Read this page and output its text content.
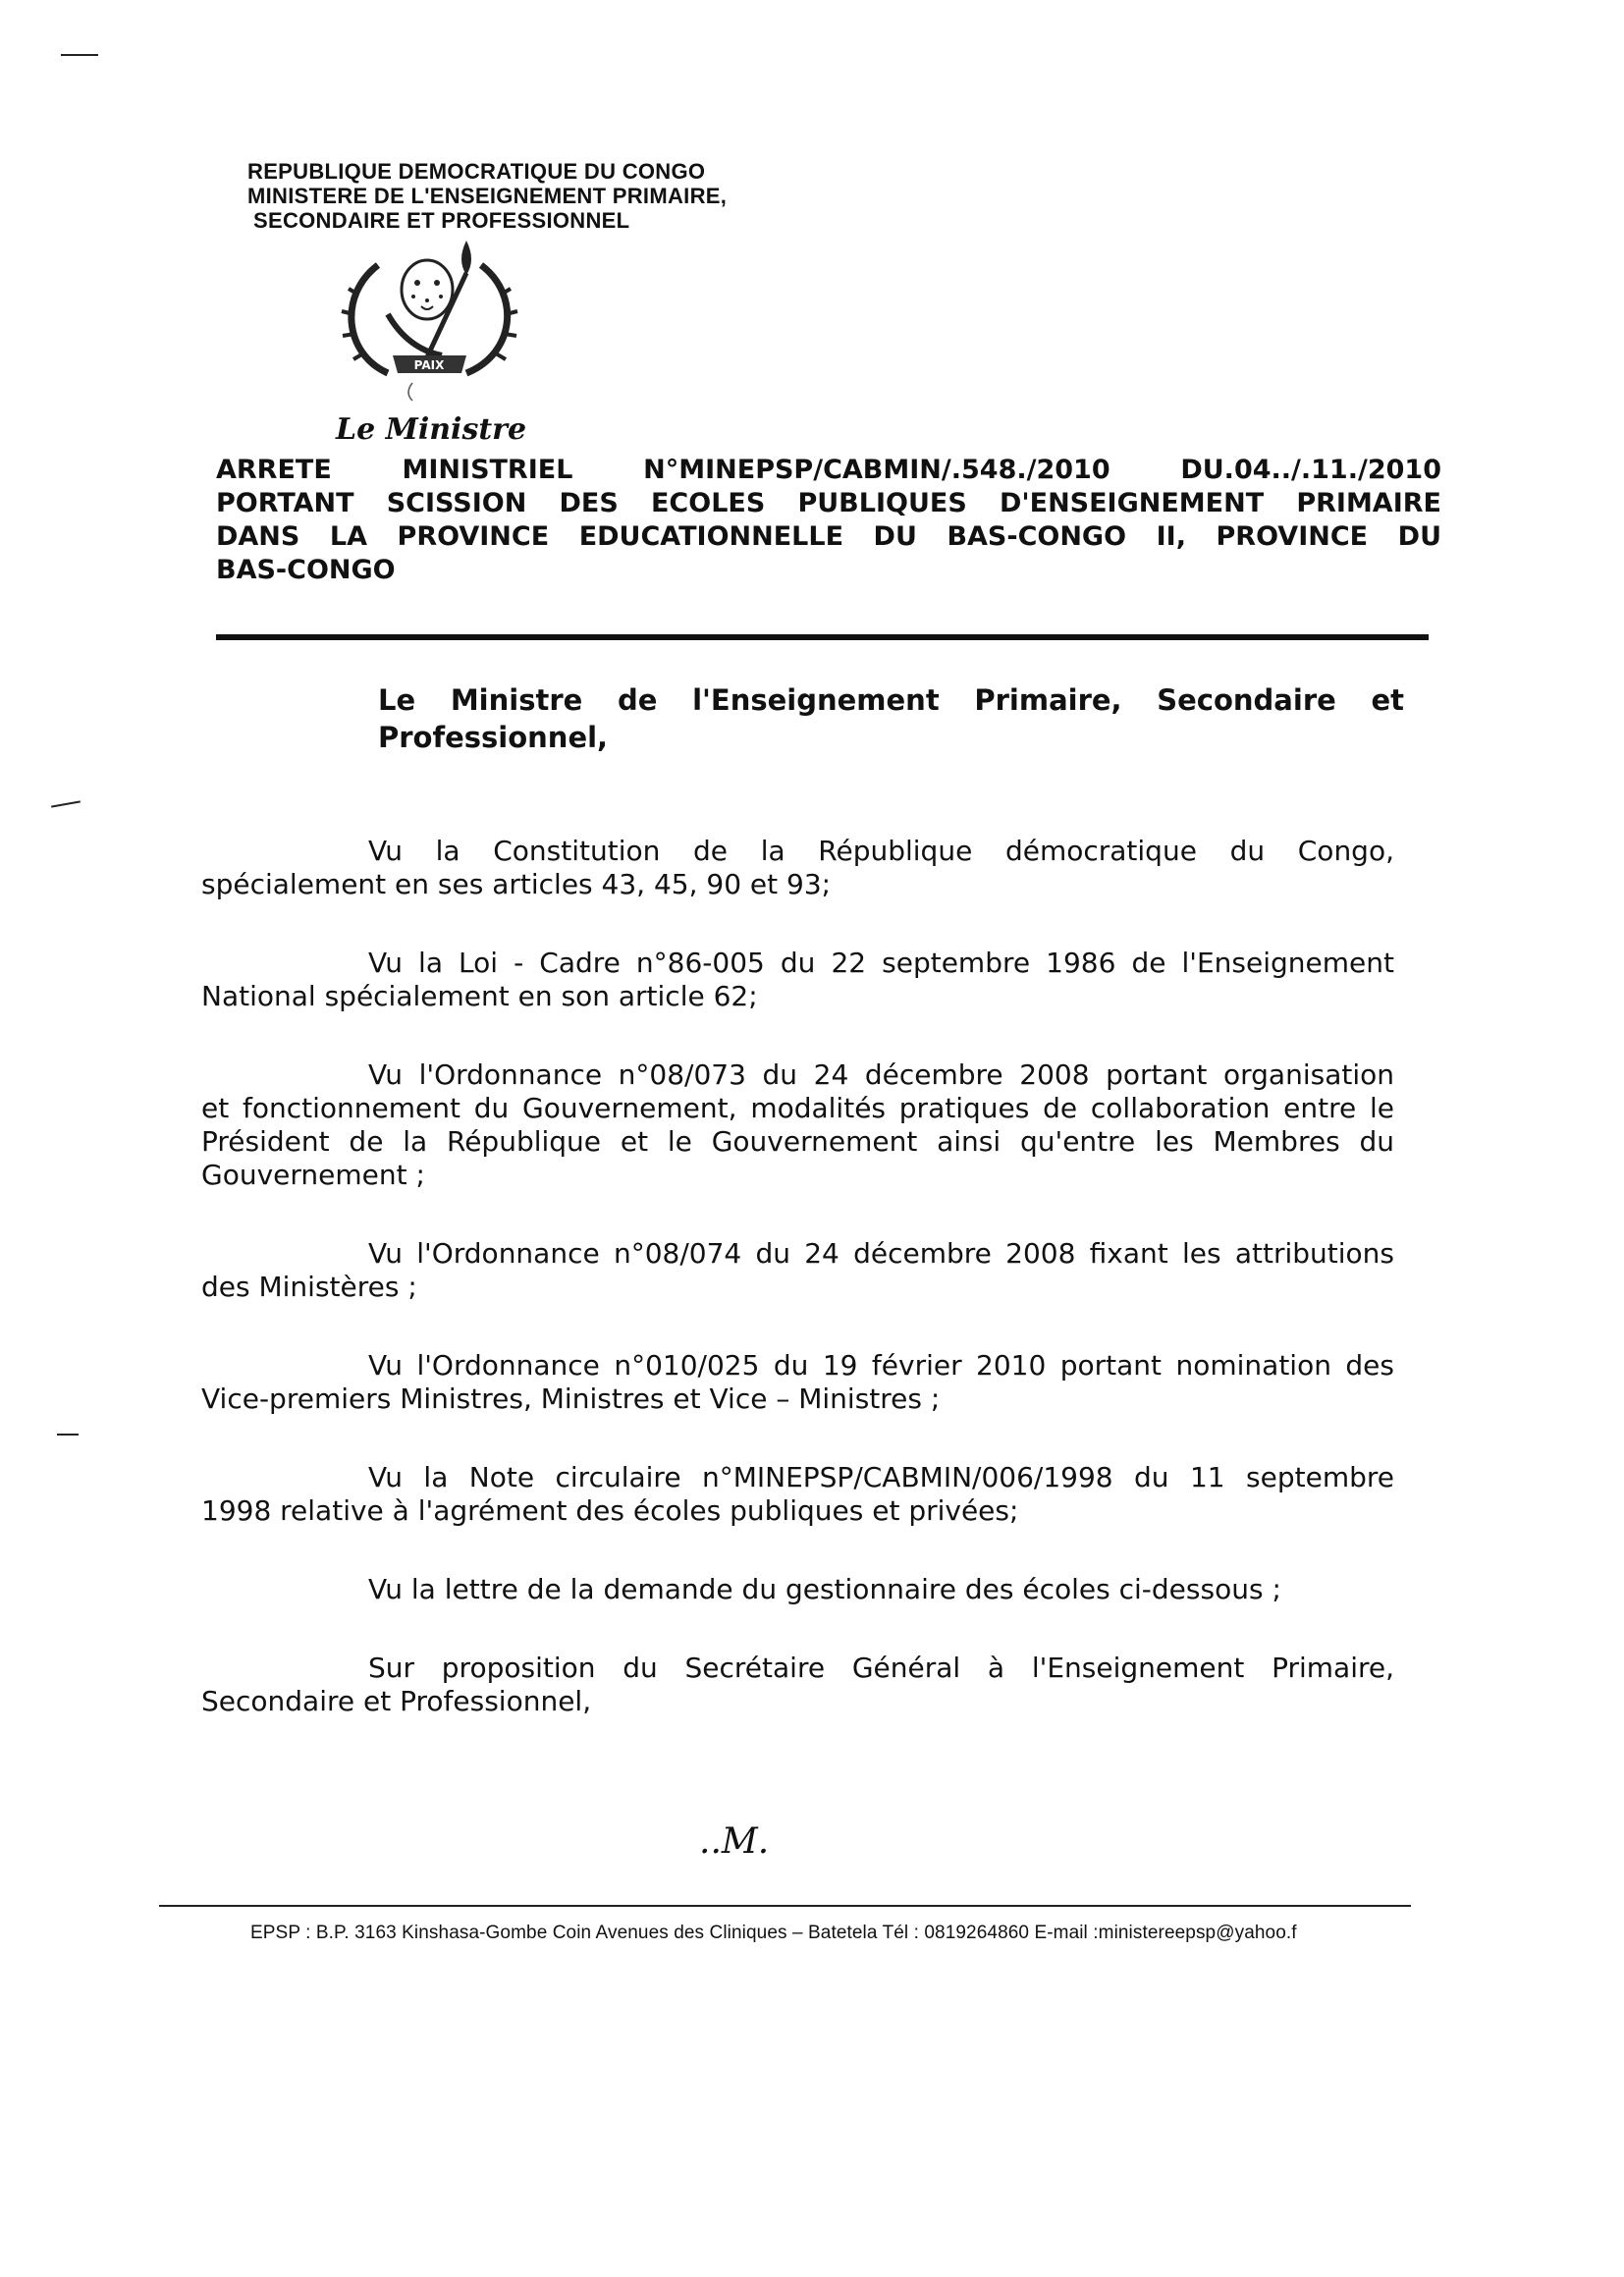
REPUBLIQUE DEMOCRATIQUE DU CONGO
MINISTERE DE L'ENSEIGNEMENT PRIMAIRE,
SECONDAIRE ET PROFESSIONNEL
PAIX
Le Ministre
ARRETE MINISTRIEL N°MINEPSP/CABMIN/.548./2010 DU.04../.11./2010
PORTANT SCISSION DES ECOLES PUBLIQUES D'ENSEIGNEMENT PRIMAIRE
DANS LA PROVINCE EDUCATIONNELLE DU BAS-CONGO II, PROVINCE DU
BAS-CONGO
Le Ministre de l'Enseignement Primaire, Secondaire et
Professionnel,
Vu la Constitution de la République démocratique du Congo,
spécialement en ses articles 43, 45, 90 et 93;
Vu la Loi - Cadre n°86-005 du 22 septembre 1986 de l'Enseignement
National spécialement en son article 62;
Vu l'Ordonnance n°08/073 du 24 décembre 2008 portant organisation
et fonctionnement du Gouvernement, modalités pratiques de collaboration entre le Président de la République et le Gouvernement ainsi qu'entre les Membres du Gouvernement ;
Vu l'Ordonnance n°08/074 du 24 décembre 2008 fixant les attributions
des Ministères ;
Vu l'Ordonnance n°010/025 du 19 février 2010 portant nomination des
Vice-premiers Ministres, Ministres et Vice – Ministres ;
Vu la Note circulaire n°MINEPSP/CABMIN/006/1998 du 11 septembre
1998 relative à l'agrément des écoles publiques et privées;
Vu la lettre de la demande du gestionnaire des écoles ci-dessous ;
Sur proposition du Secrétaire Général à l'Enseignement Primaire,
Secondaire et Professionnel,
..M.
EPSP : B.P. 3163 Kinshasa-Gombe Coin Avenues des Cliniques – Batetela Tél : 0819264860 E-mail :ministereepsp@yahoo.f
